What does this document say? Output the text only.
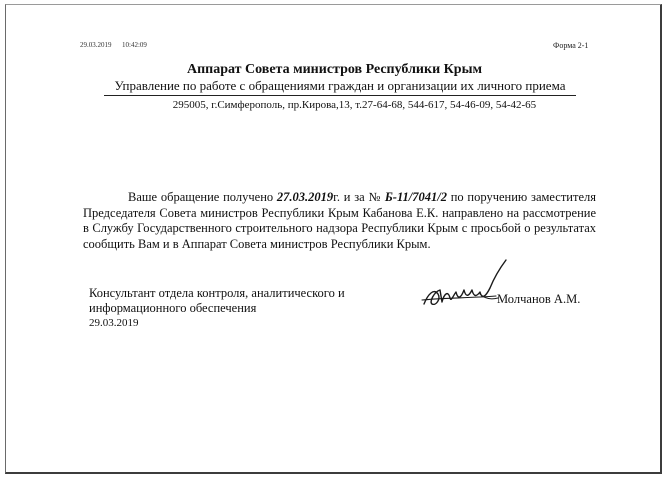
29.03.2019 10:42:09	Форма 2-1
Аппарат Совета министров Республики Крым
Управление по работе с обращениями граждан и организации их личного приема
295005, г.Симферополь, пр.Кирова,13, т.27-64-68, 544-617, 54-46-09, 54-42-65
Ваше обращение получено 27.03.2019г. и за № Б-11/7041/2 по поручению заместителя Председателя Совета министров Республики Крым Кабанова Е.К. направлено на рассмотрение в Службу Государственного строительного надзора Республики Крым с просьбой о результатах сообщить Вам и в Аппарат Совета министров Республики Крым.
Консультант отдела контроля, аналитического и
информационного обеспечения
29.03.2019
Молчанов А.М.
